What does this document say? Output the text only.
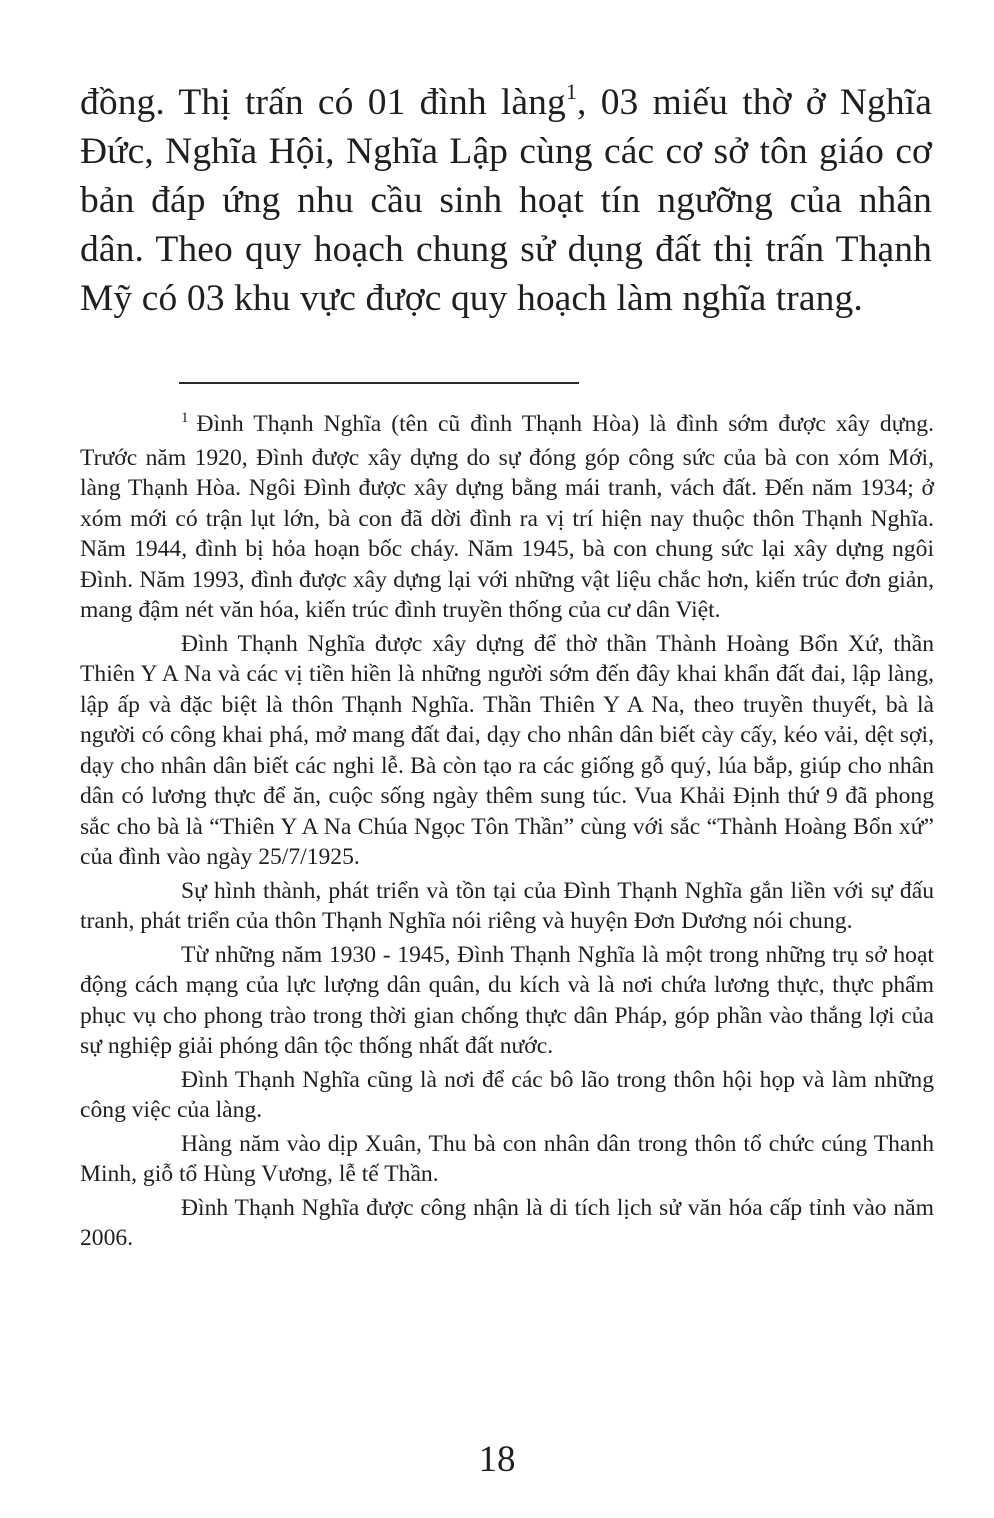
đồng. Thị trấn có 01 đình làng$^1$, 03 miếu thờ ở Nghĩa Đức, Nghĩa Hội, Nghĩa Lập cùng các cơ sở tôn giáo cơ bản đáp ứng nhu cầu sinh hoạt tín ngưỡng của nhân dân. Theo quy hoạch chung sử dụng đất thị trấn Thạnh Mỹ có 03 khu vực được quy hoạch làm nghĩa trang.

$^1$ Đình Thạnh Nghĩa (tên cũ đình Thạnh Hòa) là đình sớm được xây dựng. Trước năm 1920, Đình được xây dựng do sự đóng góp công sức của bà con xóm Mới, làng Thạnh Hòa. Ngôi Đình được xây dựng bằng mái tranh, vách đất. Đến năm 1934; ở xóm mới có trận lụt lớn, bà con đã dời đình ra vị trí hiện nay thuộc thôn Thạnh Nghĩa. Năm 1944, đình bị hỏa hoạn bốc cháy. Năm 1945, bà con chung sức lại xây dựng ngôi Đình. Năm 1993, đình được xây dựng lại với những vật liệu chắc hơn, kiến trúc đơn giản, mang đậm nét văn hóa, kiến trúc đình truyền thống của cư dân Việt.

Đình Thạnh Nghĩa được xây dựng để thờ thần Thành Hoàng Bổn Xứ, thần Thiên Y A Na và các vị tiền hiền là những người sớm đến đây khai khẩn đất đai, lập làng, lập ấp và đặc biệt là thôn Thạnh Nghĩa. Thần Thiên Y A Na, theo truyền thuyết, bà là người có công khai phá, mở mang đất đai, dạy cho nhân dân biết cày cấy, kéo vải, dệt sợi, dạy cho nhân dân biết các nghi lễ. Bà còn tạo ra các giống gỗ quý, lúa bắp, giúp cho nhân dân có lương thực để ăn, cuộc sống ngày thêm sung túc. Vua Khải Định thứ 9 đã phong sắc cho bà là “Thiên Y A Na Chúa Ngọc Tôn Thần” cùng với sắc “Thành Hoàng Bổn xứ” của đình vào ngày 25/7/1925.

Sự hình thành, phát triển và tồn tại của Đình Thạnh Nghĩa gắn liền với sự đấu tranh, phát triển của thôn Thạnh Nghĩa nói riêng và huyện Đơn Dương nói chung.

Từ những năm 1930 - 1945, Đình Thạnh Nghĩa là một trong những trụ sở hoạt động cách mạng của lực lượng dân quân, du kích và là nơi chứa lương thực, thực phẩm phục vụ cho phong trào trong thời gian chống thực dân Pháp, góp phần vào thắng lợi của sự nghiệp giải phóng dân tộc thống nhất đất nước.

Đình Thạnh Nghĩa cũng là nơi để các bô lão trong thôn hội họp và làm những công việc của làng.

Hàng năm vào dịp Xuân, Thu bà con nhân dân trong thôn tổ chức cúng Thanh Minh, giỗ tổ Hùng Vương, lễ tế Thần.

Đình Thạnh Nghĩa được công nhận là di tích lịch sử văn hóa cấp tỉnh vào năm 2006.

18
